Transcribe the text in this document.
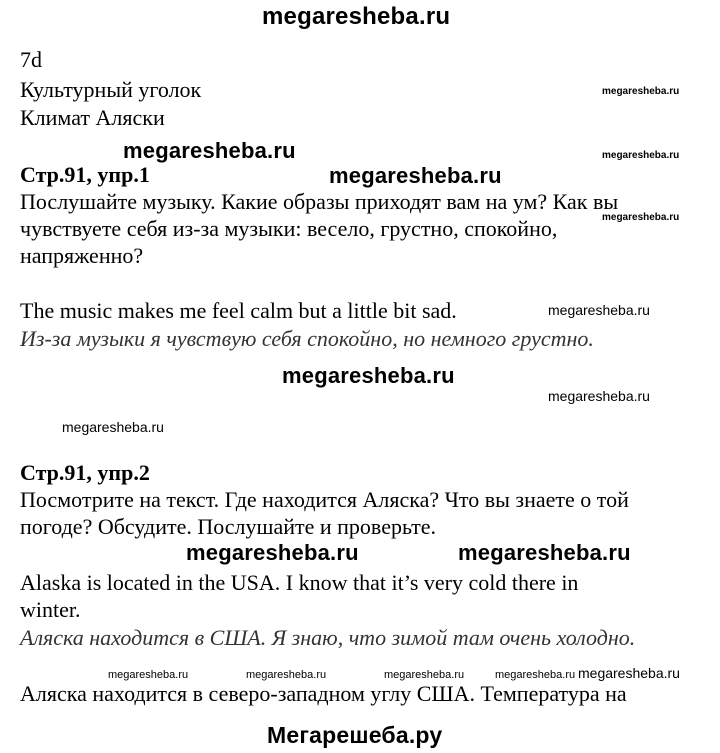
megaresheba.ru
7d
Культурный уголок
Климат Аляски
megaresheba.ru
megaresheba.ru
megaresheba.ru
megaresheba.ru
megaresheba.ru
Стр.91, упр.1
Послушайте музыку. Какие образы приходят вам на ум? Как вы
чувствуете себя из-за музыки: весело, грустно, спокойно,
напряженно?
The music makes me feel calm but a little bit sad.	megaresheba.ru
Из-за музыки я чувствую себя спокойно, но немного грустно.
megaresheba.ru
megaresheba.ru
megaresheba.ru
Стр.91, упр.2
Посмотрите на текст. Где находится Аляска? Что вы знаете о той
погоде? Обсудите. Послушайте и проверьте.
megaresheba.ru	megaresheba.ru
Alaska is located in the USA. I know that it’s very cold there in
winter.
Аляска находится в США. Я знаю, что зимой там очень холодно.
megaresheba.ru	megaresheba.ru	megaresheba.ru	megaresheba.ru megaresheba.ru
Аляска находится в северо-западном углу США. Температура на
Мегарешеба.ру
